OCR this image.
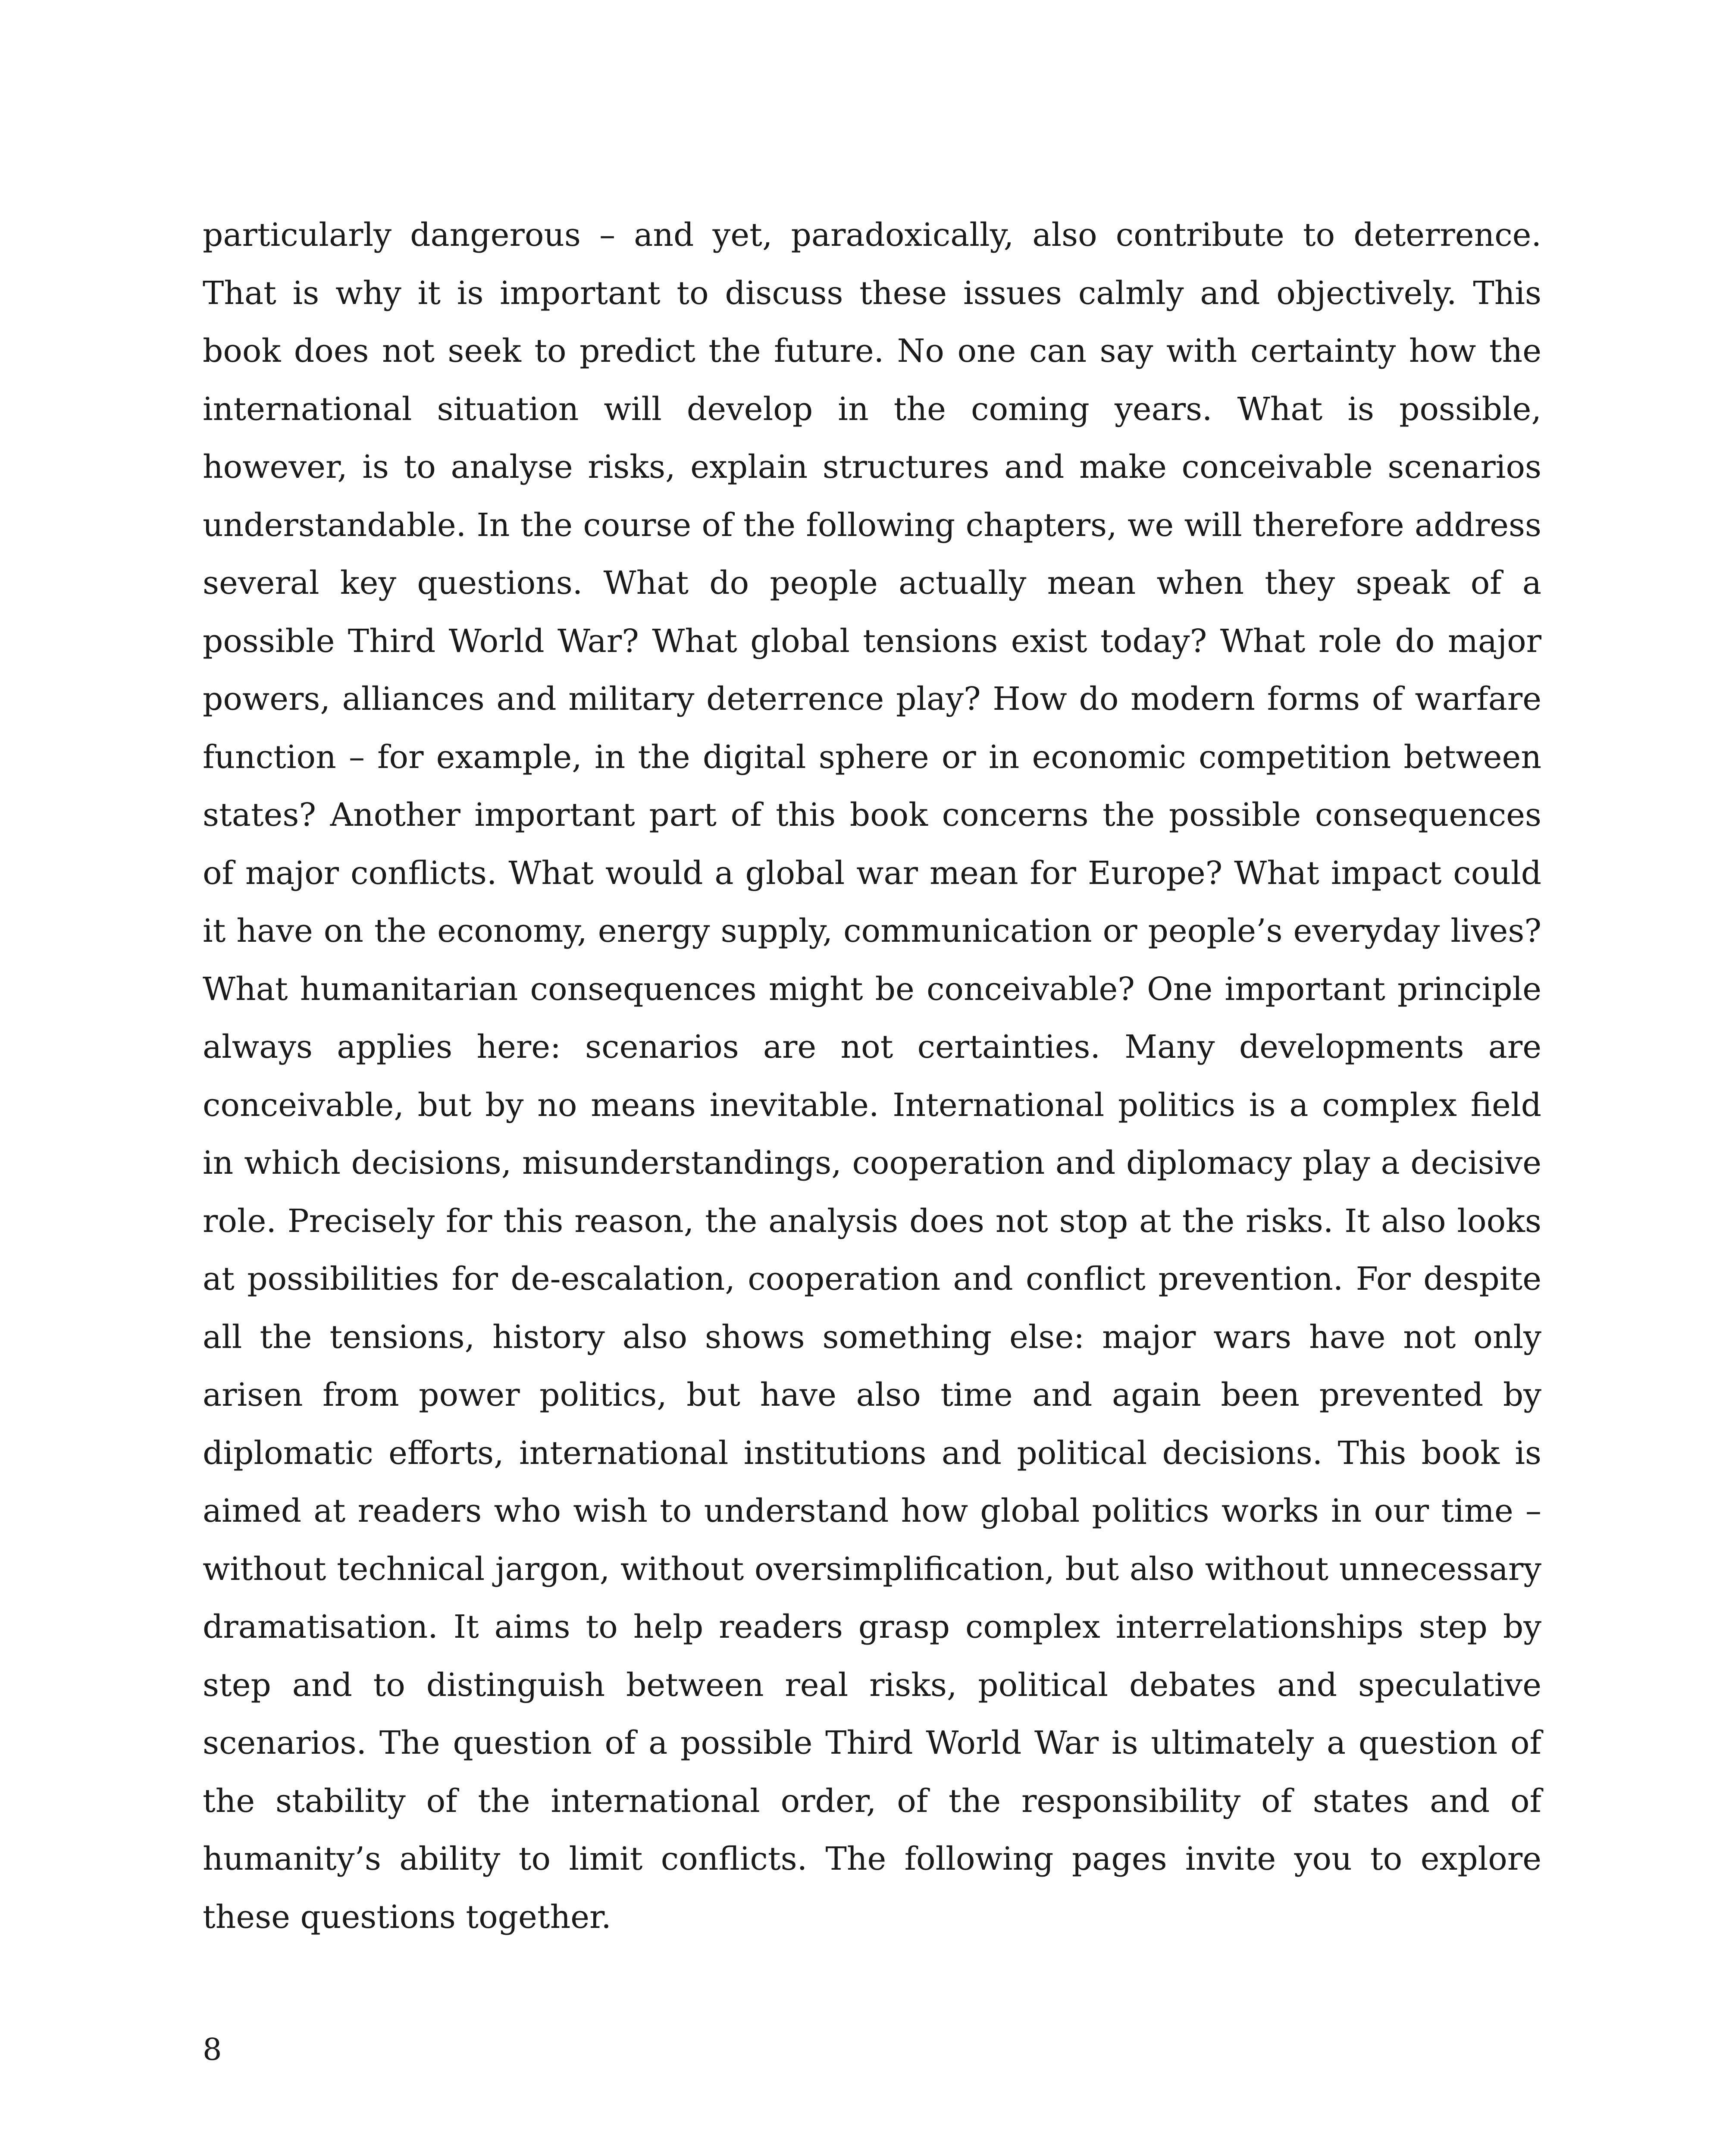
particularly dangerous – and yet, paradoxically, also contribute to deterrence. That is why it is important to discuss these issues calmly and objectively. This book does not seek to predict the future. No one can say with certainty how the international situation will develop in the coming years. What is possible, however, is to analyse risks, explain structures and make conceivable scenarios understandable. In the course of the following chapters, we will therefore address several key questions. What do people actually mean when they speak of a possible Third World War? What global tensions exist today? What role do major powers, alliances and military deterrence play? How do modern forms of warfare function – for example, in the digital sphere or in economic competition between states? Another important part of this book concerns the possible consequences of major conflicts. What would a global war mean for Europe? What impact could it have on the economy, energy supply, communication or people’s everyday lives? What humanitarian consequences might be conceivable? One important principle always applies here: scenarios are not certainties. Many developments are conceivable, but by no means inevitable. International politics is a complex field in which decisions, misunderstandings, cooperation and diplomacy play a decisive role. Precisely for this reason, the analysis does not stop at the risks. It also looks at possibilities for de-escalation, cooperation and conflict prevention. For despite all the tensions, history also shows something else: major wars have not only arisen from power politics, but have also time and again been prevented by diplomatic efforts, international institutions and political decisions. This book is aimed at readers who wish to understand how global politics works in our time – without technical jargon, without oversimplification, but also without unnecessary dramatisation. It aims to help readers grasp complex interrelationships step by step and to distinguish between real risks, political debates and speculative scenarios. The question of a possible Third World War is ultimately a question of the stability of the international order, of the responsibility of states and of humanity’s ability to limit conflicts. The following pages invite you to explore these questions together.

8
